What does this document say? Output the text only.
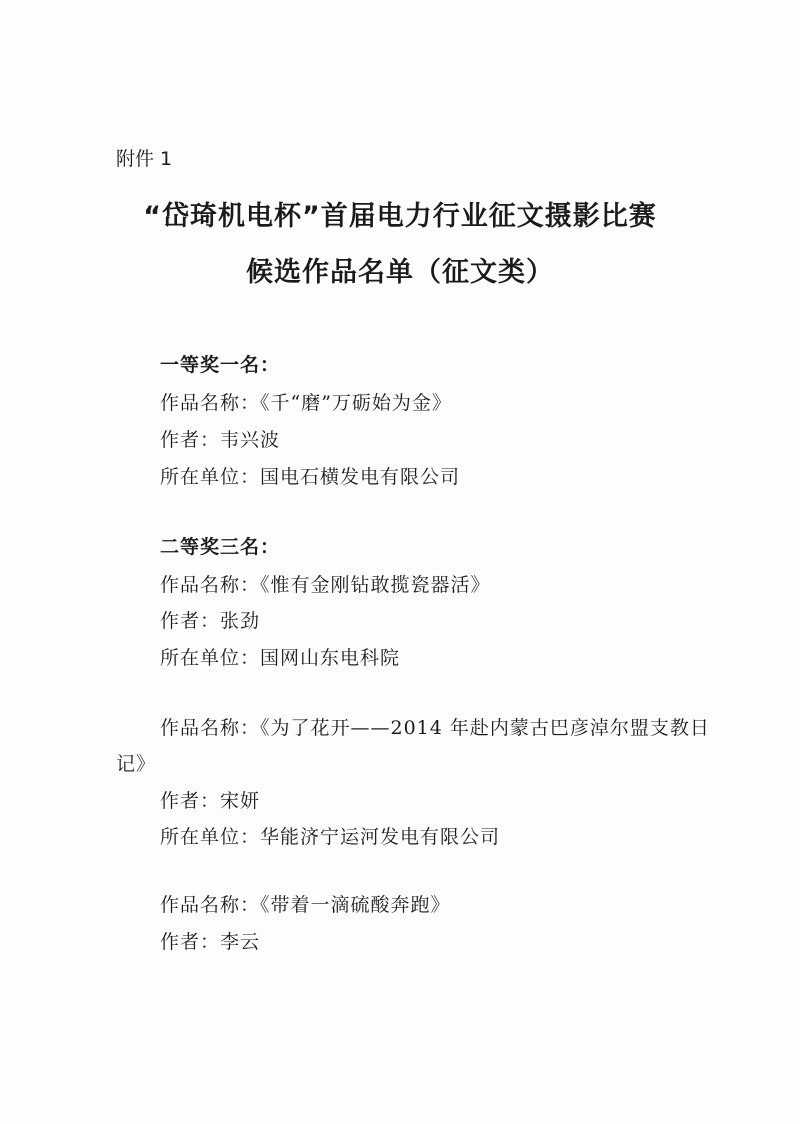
附件 1
“岱琦机电杯”首届电力行业征文摄影比赛
候选作品名单（征文类）
一等奖一名：
作品名称：《千“磨”万砺始为金》
作者：韦兴波
所在单位：国电石横发电有限公司
二等奖三名：
作品名称：《惟有金刚钻敢揽瓷器活》
作者：张劲
所在单位：国网山东电科院
作品名称：《为了花开——2014 年赴内蒙古巴彦淖尔盟支教日
记》
作者：宋妍
所在单位：华能济宁运河发电有限公司
作品名称：《带着一滴硫酸奔跑》
作者：李云
